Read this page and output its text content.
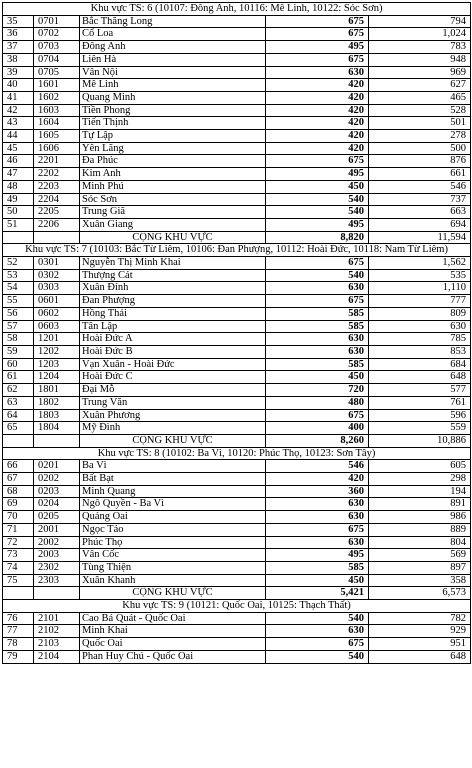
Khu vực TS: 6 (10107: Đông Anh, 10116: Mê Linh, 10122: Sóc Sơn)				
35	0701	Bắc Thăng Long	675	794
36	0702	Cổ Loa	675	1,024
37	0703	Đông Anh	495	783
38	0704	Liên Hà	675	948
39	0705	Vân Nội	630	969
40	1601	Mê Linh	420	627
41	1602	Quang Minh	420	465
42	1603	Tiền Phong	420	528
43	1604	Tiến Thịnh	420	501
44	1605	Tự Lập	420	278
45	1606	Yên Lãng	420	500
46	2201	Đa Phúc	675	876
47	2202	Kim Anh	495	661
48	2203	Minh Phú	450	546
49	2204	Sóc Sơn	540	737
50	2205	Trung Giã	540	663
51	2206	Xuân Giang	495	694
		CỘNG KHU VỰC	8,820	11,594
Khu vực TS: 7 (10103: Bắc Từ Liêm, 10106: Đan Phượng, 10112: Hoài Đức, 10118: Nam Từ Liêm)				
52	0301	Nguyễn Thị Minh Khai	675	1,562
53	0302	Thượng Cát	540	535
54	0303	Xuân Đỉnh	630	1,110
55	0601	Đan Phượng	675	777
56	0602	Hồng Thái	585	809
57	0603	Tân Lập	585	630
58	1201	Hoài Đức A	630	785
59	1202	Hoài Đức B	630	853
60	1203	Vạn Xuân - Hoài Đức	585	684
61	1204	Hoài Đức C	450	648
62	1801	Đại Mỗ	720	577
63	1802	Trung Văn	480	761
64	1803	Xuân Phương	675	596
65	1804	Mỹ Đình	400	559
		CỘNG KHU VỰC	8,260	10,886
Khu vực TS: 8 (10102: Ba Vì, 10120: Phúc Thọ, 10123: Sơn Tây)				
66	0201	Ba Vì	546	605
67	0202	Bất Bạt	420	298
68	0203	Minh Quang	360	194
69	0204	Ngô Quyền - Ba Vì	630	891
70	0205	Quảng Oai	630	986
71	2001	Ngọc Tảo	675	889
72	2002	Phúc Thọ	630	804
73	2003	Vân Cốc	495	569
74	2302	Tùng Thiện	585	897
75	2303	Xuân Khanh	450	358
		CỘNG KHU VỰC	5,421	6,573
Khu vực TS: 9 (10121: Quốc Oai, 10125: Thạch Thất)				
76	2101	Cao Bá Quát - Quốc Oai	540	782
77	2102	Minh Khai	630	929
78	2103	Quốc Oai	675	951
79	2104	Phan Huy Chú - Quốc Oai	540	648
